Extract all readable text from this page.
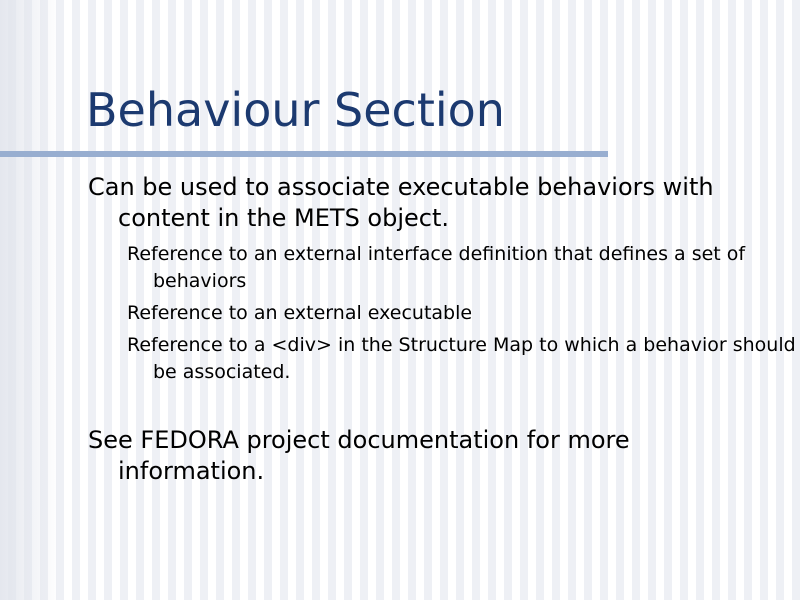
Behaviour Section

Can be used to associate executable behaviors with content in the METS object.

Reference to an external interface definition that defines a set of behaviors

Reference to an external executable

Reference to a <div> in the Structure Map to which a behavior should be associated.

See FEDORA project documentation for more information.
